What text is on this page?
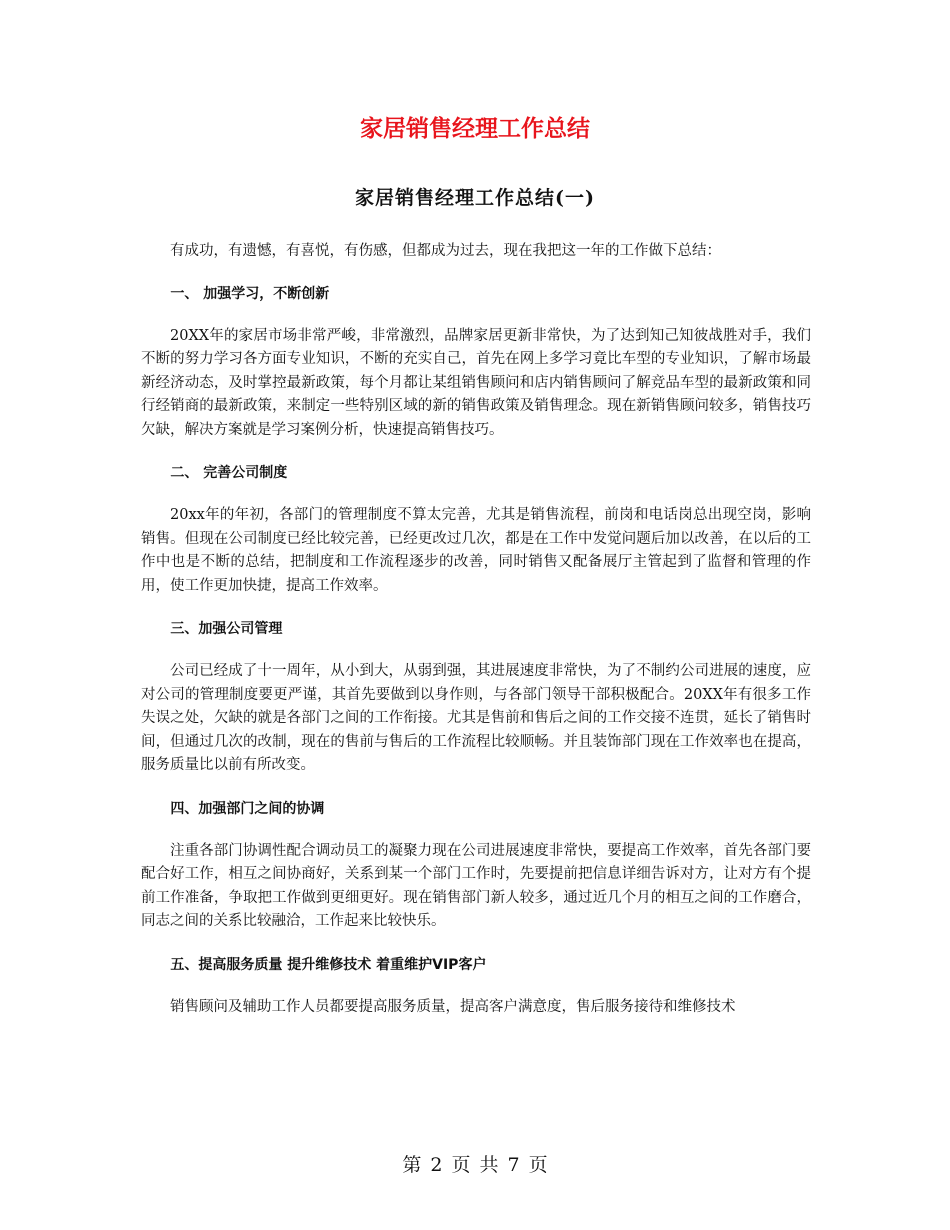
家居销售经理工作总结
家居销售经理工作总结(一)

有成功，有遗憾，有喜悦，有伤感，但都成为过去，现在我把这一年的工作做下总结：

一、 加强学习，不断创新

20XX年的家居市场非常严峻，非常激烈，品牌家居更新非常快，为了达到知己知彼战胜对手，我们不断的努力学习各方面专业知识，不断的充实自己，首先在网上多学习竟比车型的专业知识，了解市场最新经济动态，及时掌控最新政策，每个月都让某组销售顾问和店内销售顾问了解竞品车型的最新政策和同行经销商的最新政策，来制定一些特别区域的新的销售政策及销售理念。现在新销售顾问较多，销售技巧欠缺，解决方案就是学习案例分析，快速提高销售技巧。

二、 完善公司制度

20xx年的年初，各部门的管理制度不算太完善，尤其是销售流程，前岗和电话岗总出现空岗，影响销售。但现在公司制度已经比较完善，已经更改过几次，都是在工作中发觉问题后加以改善，在以后的工作中也是不断的总结，把制度和工作流程逐步的改善，同时销售又配备展厅主管起到了监督和管理的作用，使工作更加快捷，提高工作效率。

三、加强公司管理

公司已经成了十一周年，从小到大，从弱到强，其进展速度非常快，为了不制约公司进展的速度，应对公司的管理制度要更严谨，其首先要做到以身作则，与各部门领导干部积极配合。20XX年有很多工作失误之处，欠缺的就是各部门之间的工作衔接。尤其是售前和售后之间的工作交接不连贯，延长了销售时间，但通过几次的改制，现在的售前与售后的工作流程比较顺畅。并且装饰部门现在工作效率也在提高，服务质量比以前有所改变。

四、加强部门之间的协调

注重各部门协调性配合调动员工的凝聚力现在公司进展速度非常快，要提高工作效率，首先各部门要配合好工作，相互之间协商好，关系到某一个部门工作时，先要提前把信息详细告诉对方，让对方有个提前工作准备，争取把工作做到更细更好。现在销售部门新人较多，通过近几个月的相互之间的工作磨合，同志之间的关系比较融洽，工作起来比较快乐。

五、提高服务质量 提升维修技术 着重维护VIP客户

销售顾问及辅助工作人员都要提高服务质量，提高客户满意度，售后服务接待和维修技术

第 2 页 共 7 页
